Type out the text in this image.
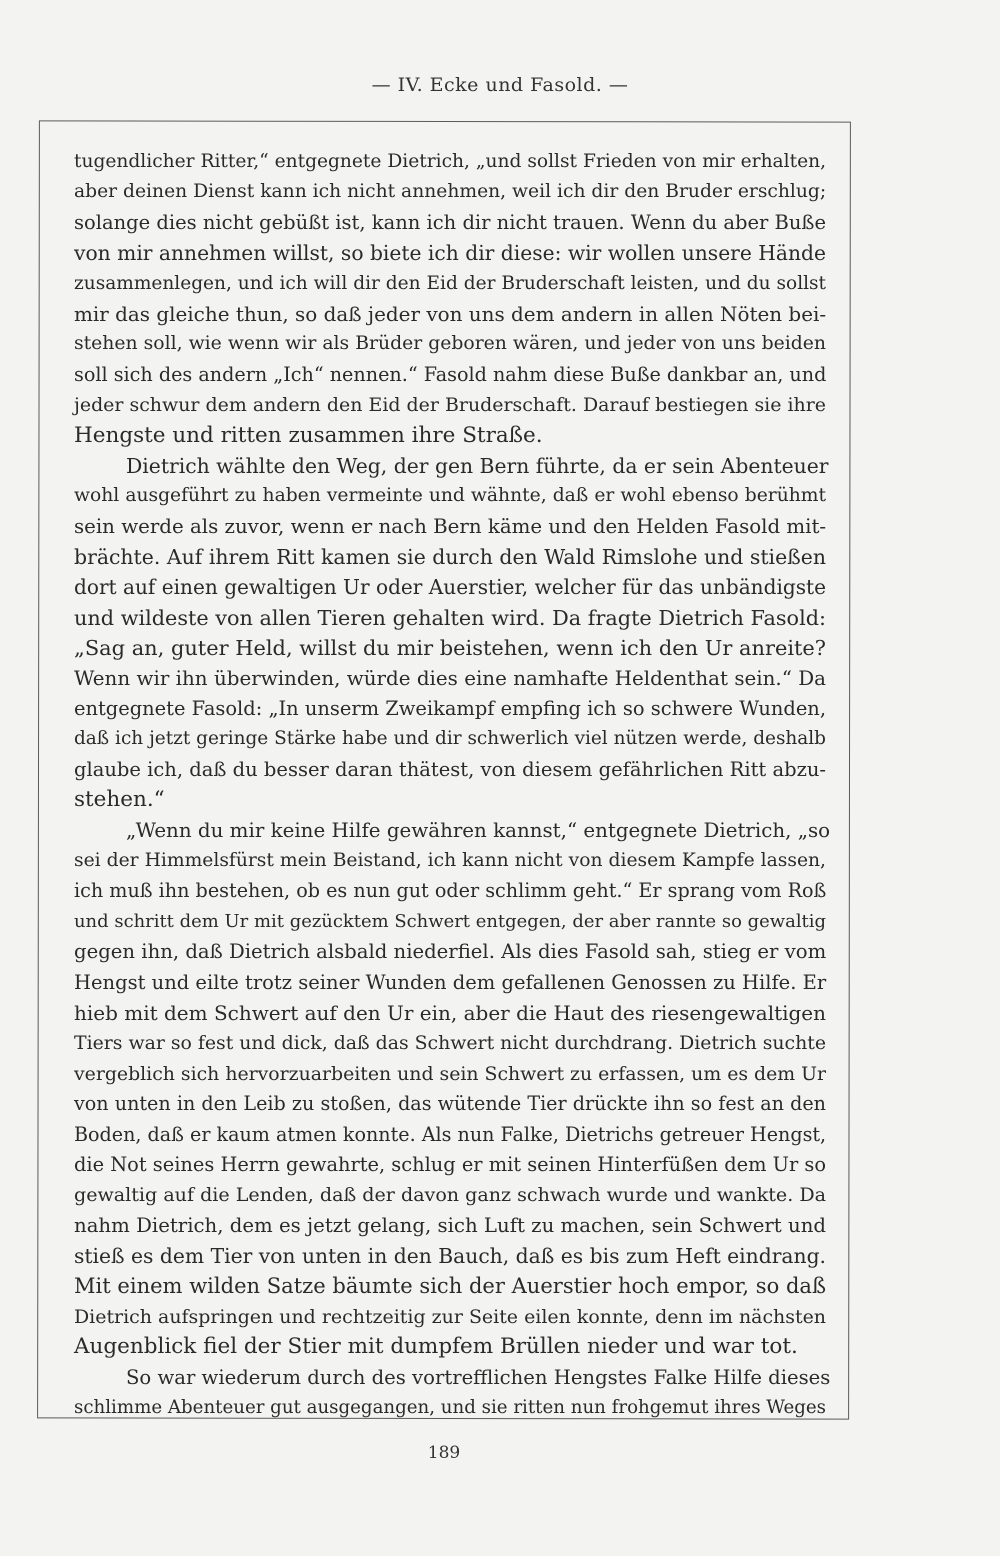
— IV. Ecke und Fasold. —
tugendlicher Ritter,“ entgegnete Dietrich, „und sollst Frieden von mir erhalten,
aber deinen Dienst kann ich nicht annehmen, weil ich dir den Bruder erschlug;
solange dies nicht gebüßt ist, kann ich dir nicht trauen. Wenn du aber Buße
von mir annehmen willst, so biete ich dir diese: wir wollen unsere Hände
zusammenlegen, und ich will dir den Eid der Bruderschaft leisten, und du sollst
mir das gleiche thun, so daß jeder von uns dem andern in allen Nöten bei-
stehen soll, wie wenn wir als Brüder geboren wären, und jeder von uns beiden
soll sich des andern „Ich“ nennen.“ Fasold nahm diese Buße dankbar an, und
jeder schwur dem andern den Eid der Bruderschaft. Darauf bestiegen sie ihre
Hengste und ritten zusammen ihre Straße.
Dietrich wählte den Weg, der gen Bern führte, da er sein Abenteuer
wohl ausgeführt zu haben vermeinte und wähnte, daß er wohl ebenso berühmt
sein werde als zuvor, wenn er nach Bern käme und den Helden Fasold mit-
brächte. Auf ihrem Ritt kamen sie durch den Wald Rimslohe und stießen
dort auf einen gewaltigen Ur oder Auerstier, welcher für das unbändigste
und wildeste von allen Tieren gehalten wird. Da fragte Dietrich Fasold:
„Sag an, guter Held, willst du mir beistehen, wenn ich den Ur anreite?
Wenn wir ihn überwinden, würde dies eine namhafte Heldenthat sein.“ Da
entgegnete Fasold: „In unserm Zweikampf empfing ich so schwere Wunden,
daß ich jetzt geringe Stärke habe und dir schwerlich viel nützen werde, deshalb
glaube ich, daß du besser daran thätest, von diesem gefährlichen Ritt abzu-
stehen.“
„Wenn du mir keine Hilfe gewähren kannst,“ entgegnete Dietrich, „so
sei der Himmelsfürst mein Beistand, ich kann nicht von diesem Kampfe lassen,
ich muß ihn bestehen, ob es nun gut oder schlimm geht.“ Er sprang vom Roß
und schritt dem Ur mit gezücktem Schwert entgegen, der aber rannte so gewaltig
gegen ihn, daß Dietrich alsbald niederfiel. Als dies Fasold sah, stieg er vom
Hengst und eilte trotz seiner Wunden dem gefallenen Genossen zu Hilfe. Er
hieb mit dem Schwert auf den Ur ein, aber die Haut des riesengewaltigen
Tiers war so fest und dick, daß das Schwert nicht durchdrang. Dietrich suchte
vergeblich sich hervorzuarbeiten und sein Schwert zu erfassen, um es dem Ur
von unten in den Leib zu stoßen, das wütende Tier drückte ihn so fest an den
Boden, daß er kaum atmen konnte. Als nun Falke, Dietrichs getreuer Hengst,
die Not seines Herrn gewahrte, schlug er mit seinen Hinterfüßen dem Ur so
gewaltig auf die Lenden, daß der davon ganz schwach wurde und wankte. Da
nahm Dietrich, dem es jetzt gelang, sich Luft zu machen, sein Schwert und
stieß es dem Tier von unten in den Bauch, daß es bis zum Heft eindrang.
Mit einem wilden Satze bäumte sich der Auerstier hoch empor, so daß
Dietrich aufspringen und rechtzeitig zur Seite eilen konnte, denn im nächsten
Augenblick fiel der Stier mit dumpfem Brüllen nieder und war tot.
So war wiederum durch des vortrefflichen Hengstes Falke Hilfe dieses
schlimme Abenteuer gut ausgegangen, und sie ritten nun frohgemut ihres Weges
189
